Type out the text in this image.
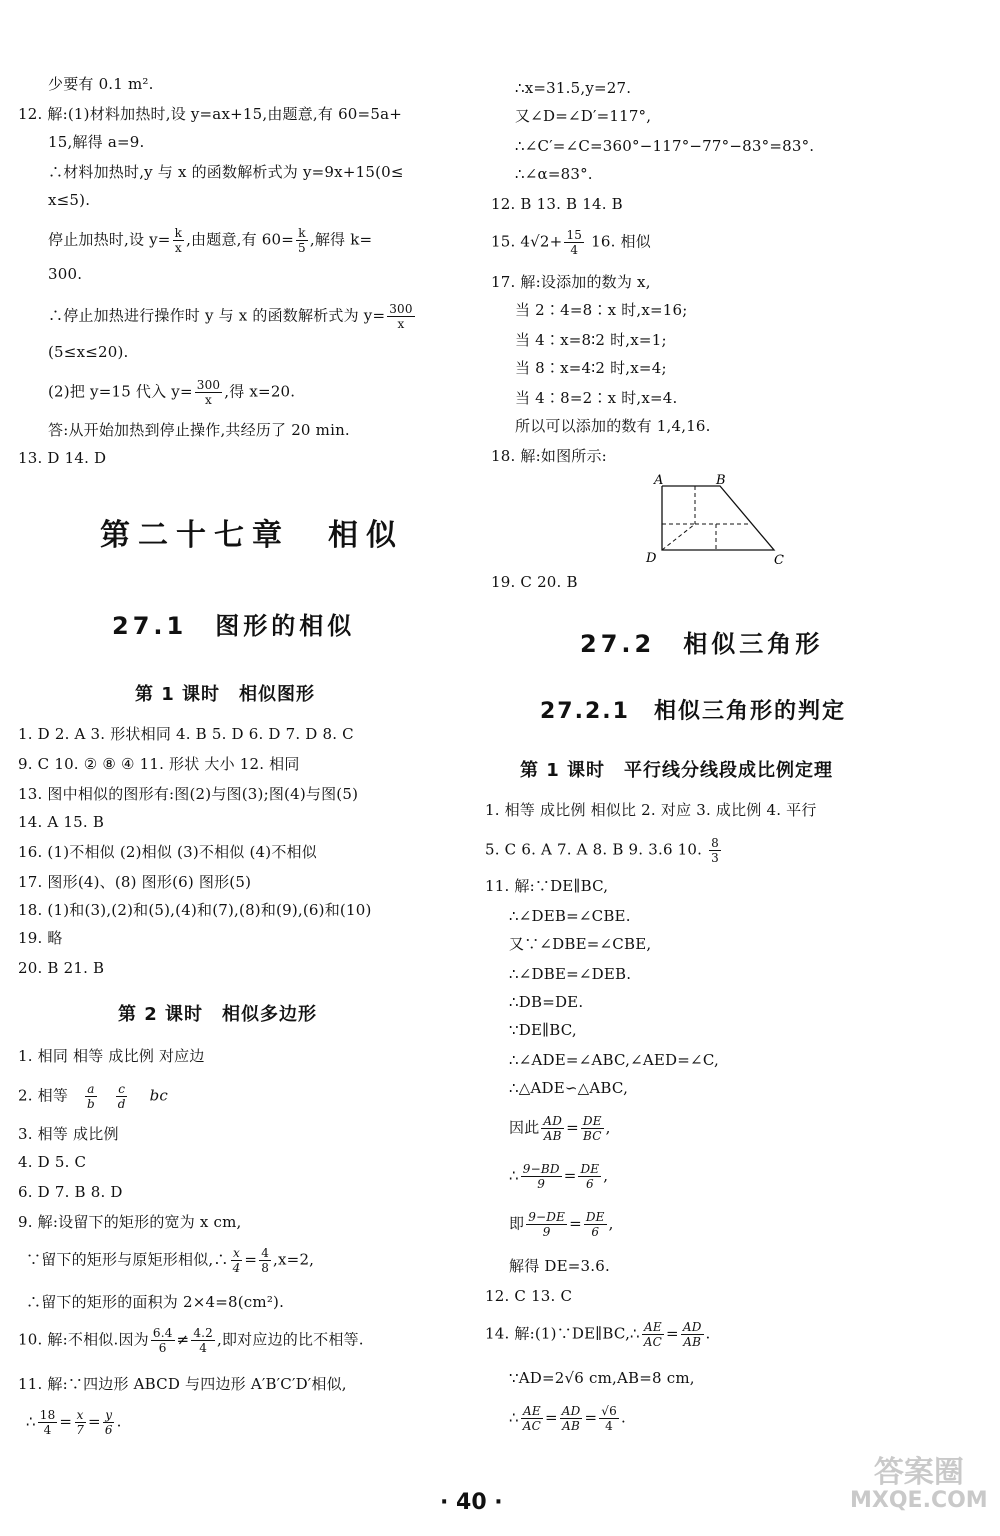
少要有 0.1 m².
12. 解:(1)材料加热时,设 y=ax+15,由题意,有 60=5a+
15,解得 a=9.
∴材料加热时,y 与 x 的函数解析式为 y=9x+15(0≤
x≤5).
停止加热时,设 $y= \frac{k}{x}$ ,由题意,有 $60= \frac{k}{5}$ ,解得 k=
300.
∴停止加热进行操作时 y 与 x 的函数解析式为 $y= \frac{300}{x}$
(5≤x≤20).
(2)把 y=15 代入 $y= \frac{300}{x}$ ,得 x=20.
答:从开始加热到停止操作,共经历了 20 min.
13. D 14. D
第二十七章　相似
27.1　图形的相似
第 1 课时　相似图形
1. D 2. A 3. 形状相同 4. B 5. D 6. D 7. D 8. C
9. C 10. ② ⑧ ④ 11. 形状 大小 12. 相同
13. 图中相似的图形有:图(2)与图(3);图(4)与图(5)
14. A 15. B
16. (1)不相似 (2)相似 (3)不相似 (4)不相似
17. 图形(4)、(8) 图形(6) 图形(5)
18. (1)和(3),(2)和(5),(4)和(7),(8)和(9),(6)和(10)
19. 略
20. B 21. B
第 2 课时　相似多边形
1. 相同 相等 成比例 对应边
2. 相等 $\frac{a}{b}$
$\frac{c}{d}$ bc
3. 相等 成比例
4. D 5. C
6. D 7. B 8. D
9. 解:设留下的矩形的宽为 x cm,
∵留下的矩形与原矩形相似,∴ $\frac{x}{4} = \frac{4}{8} ,x=2$,
∴留下的矩形的面积为 2×4=8(cm²).
10. 解:不相似.因为 $\frac{6.4}{6} \ne \frac{4.2}{4}$ ,即对应边的比不相等.
11. 解:∵四边形 ABCD 与四边形 A′B′C′D′相似,
∴ $\frac{18}{4} = \frac{x}{7} = \frac{y}{6}$ .
∴x=31.5,y=27.
又∠D=∠D′=117°,
∴∠C′=∠C=360°−117°−77°−83°=83°.
∴∠α=83°.
12. B 13. B 14. B
15. $4√2+ \frac{15}{4} 16$. 相似
17. 解:设添加的数为 x,
当 2∶4=8∶x 时,x=16;
当 4∶x=8∶2 时,x=1;
当 8∶x=4∶2 时,x=4;
当 4∶8=2∶x 时,x=4.
所以可以添加的数有 1,4,16.
18. 解:如图所示:
A	B
C
D
19. C 20. B
27.2　相似三角形
27.2.1　相似三角形的判定
第 1 课时　平行线分线段成比例定理
1. 相等 成比例 相似比 2. 对应 3. 成比例 4. 平行
5. C 6. A 7. A 8. B 9. 3.6 10. $\frac{8}{3}$
11. 解:∵DE∥BC,
∴∠DEB=∠CBE.
又∵∠DBE=∠CBE,
∴∠DBE=∠DEB.
∴DB=DE.
∵DE∥BC,
∴∠ADE=∠ABC,∠AED=∠C,
∴△ADE∽△ABC,
因此 $\frac{AD}{AB} = \frac{DE}{BC}$ ,
∴ $\frac{9-BD}{9} = \frac{DE}{6}$ ,
即 $\frac{9-DE}{9} = \frac{DE}{6}$ ,
解得 DE=3.6.
12. C 13. C
14. 解:(1)∵DE∥BC,∴ $\frac{AE}{AC} = \frac{AD}{AB}$ .
∵AD=2√6 cm,AB=8 cm,
∴ $\frac{AE}{AC} = \frac{AD}{AB} = \frac{√6}{4}$ .
· 40 ·
答案圈
MXQE.COM
